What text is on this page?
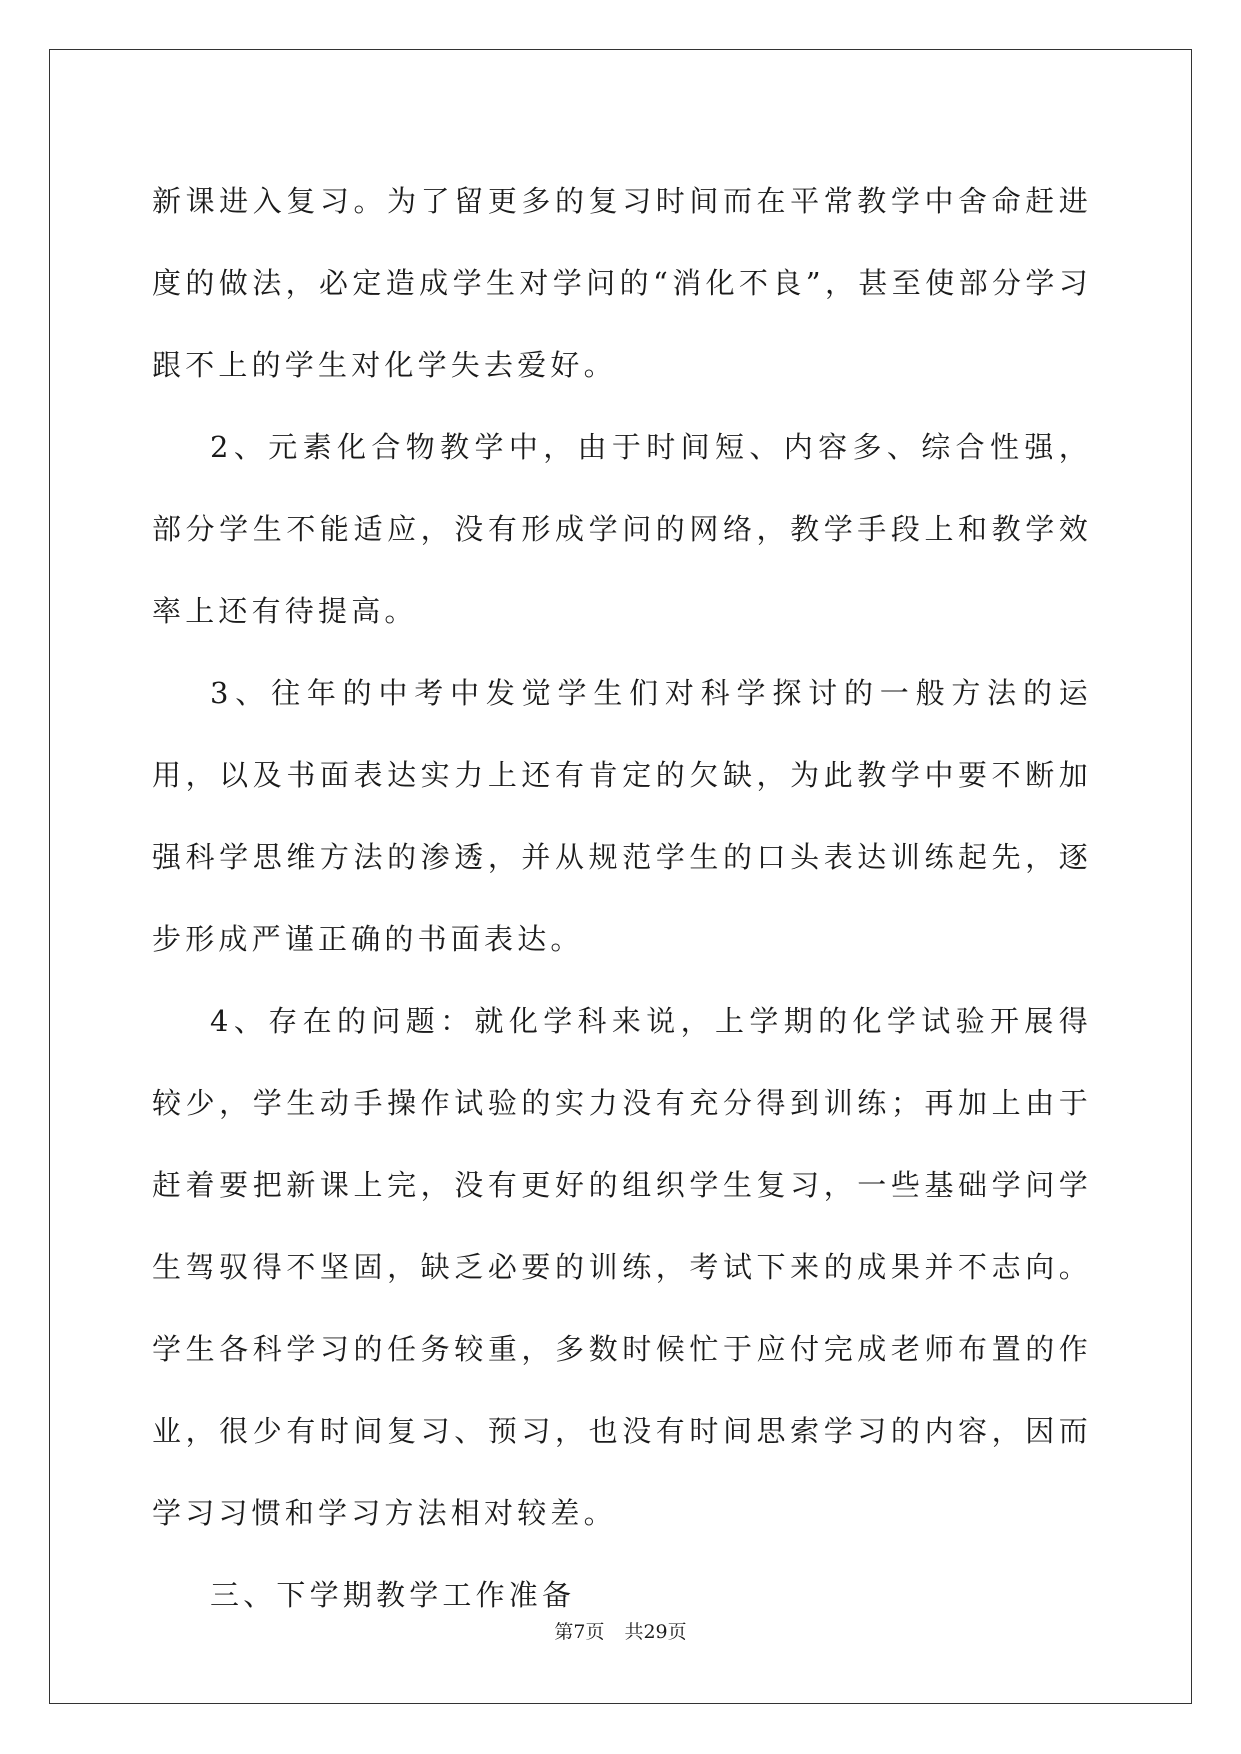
新课进入复习。为了留更多的复习时间而在平常教学中舍命赶进度的做法，必定造成学生对学问的“消化不良”，甚至使部分学习跟不上的学生对化学失去爱好。

2、元素化合物教学中，由于时间短、内容多、综合性强，部分学生不能适应，没有形成学问的网络，教学手段上和教学效率上还有待提高。

3、往年的中考中发觉学生们对科学探讨的一般方法的运用，以及书面表达实力上还有肯定的欠缺，为此教学中要不断加强科学思维方法的渗透，并从规范学生的口头表达训练起先，逐步形成严谨正确的书面表达。

4、存在的问题：就化学科来说，上学期的化学试验开展得较少，学生动手操作试验的实力没有充分得到训练；再加上由于赶着要把新课上完，没有更好的组织学生复习，一些基础学问学生驾驭得不坚固，缺乏必要的训练，考试下来的成果并不志向。学生各科学习的任务较重，多数时候忙于应付完成老师布置的作业，很少有时间复习、预习，也没有时间思索学习的内容，因而学习习惯和学习方法相对较差。

三、下学期教学工作准备

第7页 共29页
